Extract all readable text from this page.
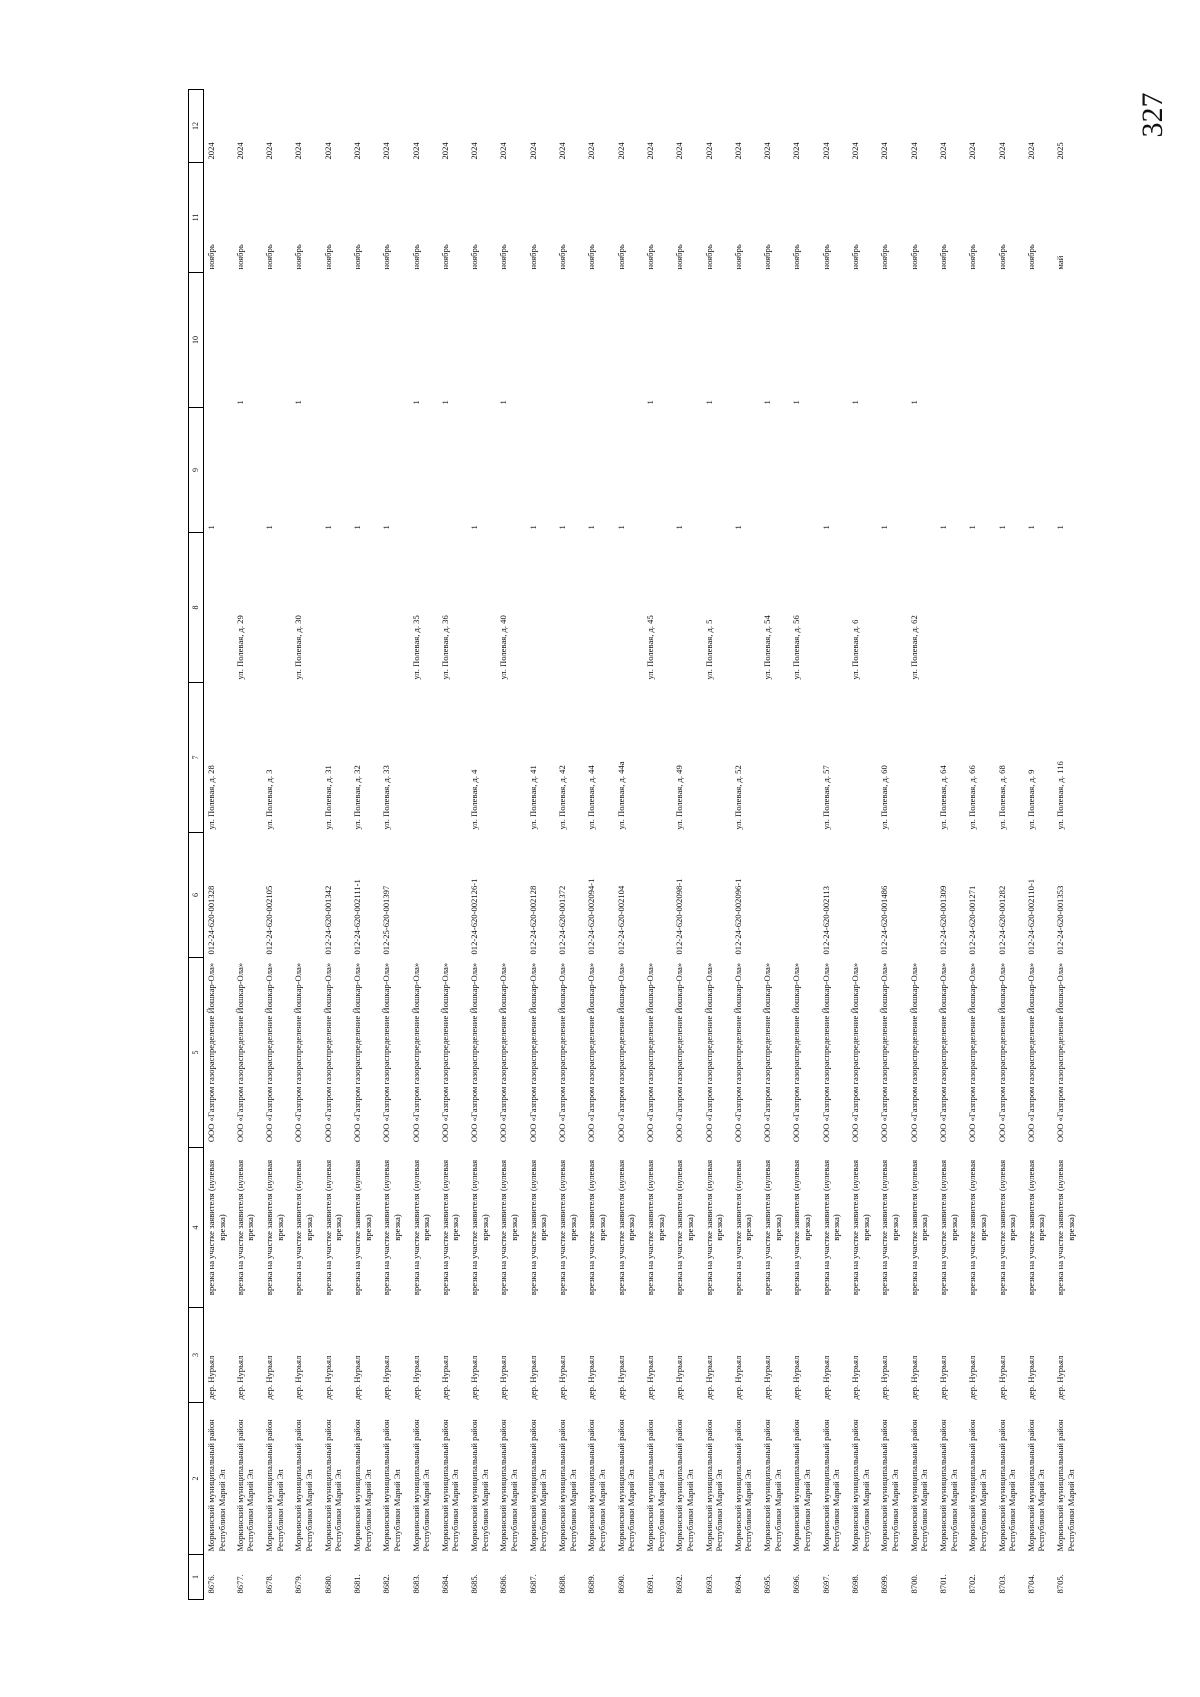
327
1	2	3	4	5	6	7	8	9	10	11	12
8676.	Моркинский муниципальный район Республики Марий Эл	дер. Нурьял	врезка на участке заявителя (нулевая врезка)	ООО «Газпром газораспределение Йошкар-Ола»	012-24-620-001328	ул. Полевая, д. 28		1		ноябрь	2024
8677.	Моркинский муниципальный район Республики Марий Эл	дер. Нурьял	врезка на участке заявителя (нулевая врезка)	ООО «Газпром газораспределение Йошкар-Ола»			ул. Полевая, д. 29		1	ноябрь	2024
8678.	Моркинский муниципальный район Республики Марий Эл	дер. Нурьял	врезка на участке заявителя (нулевая врезка)	ООО «Газпром газораспределение Йошкар-Ола»	012-24-620-002105	ул. Полевая, д. 3		1		ноябрь	2024
8679.	Моркинский муниципальный район Республики Марий Эл	дер. Нурьял	врезка на участке заявителя (нулевая врезка)	ООО «Газпром газораспределение Йошкар-Ола»			ул. Полевая, д. 30		1	ноябрь	2024
8680.	Моркинский муниципальный район Республики Марий Эл	дер. Нурьял	врезка на участке заявителя (нулевая врезка)	ООО «Газпром газораспределение Йошкар-Ола»	012-24-620-001342	ул. Полевая, д. 31		1		ноябрь	2024
8681.	Моркинский муниципальный район Республики Марий Эл	дер. Нурьял	врезка на участке заявителя (нулевая врезка)	ООО «Газпром газораспределение Йошкар-Ола»	012-24-620-002111-1	ул. Полевая, д. 32		1		ноябрь	2024
8682.	Моркинский муниципальный район Республики Марий Эл	дер. Нурьял	врезка на участке заявителя (нулевая врезка)	ООО «Газпром газораспределение Йошкар-Ола»	012-25-620-001397	ул. Полевая, д. 33		1		ноябрь	2024
8683.	Моркинский муниципальный район Республики Марий Эл	дер. Нурьял	врезка на участке заявителя (нулевая врезка)	ООО «Газпром газораспределение Йошкар-Ола»			ул. Полевая, д. 35		1	ноябрь	2024
8684.	Моркинский муниципальный район Республики Марий Эл	дер. Нурьял	врезка на участке заявителя (нулевая врезка)	ООО «Газпром газораспределение Йошкар-Ола»			ул. Полевая, д. 36		1	ноябрь	2024
8685.	Моркинский муниципальный район Республики Марий Эл	дер. Нурьял	врезка на участке заявителя (нулевая врезка)	ООО «Газпром газораспределение Йошкар-Ола»	012-24-620-002126-1	ул. Полевая, д. 4		1		ноябрь	2024
8686.	Моркинский муниципальный район Республики Марий Эл	дер. Нурьял	врезка на участке заявителя (нулевая врезка)	ООО «Газпром газораспределение Йошкар-Ола»			ул. Полевая, д. 40		1	ноябрь	2024
8687.	Моркинский муниципальный район Республики Марий Эл	дер. Нурьял	врезка на участке заявителя (нулевая врезка)	ООО «Газпром газораспределение Йошкар-Ола»	012-24-620-002128	ул. Полевая, д. 41		1		ноябрь	2024
8688.	Моркинский муниципальный район Республики Марий Эл	дер. Нурьял	врезка на участке заявителя (нулевая врезка)	ООО «Газпром газораспределение Йошкар-Ола»	012-24-620-001372	ул. Полевая, д. 42		1		ноябрь	2024
8689.	Моркинский муниципальный район Республики Марий Эл	дер. Нурьял	врезка на участке заявителя (нулевая врезка)	ООО «Газпром газораспределение Йошкар-Ола»	012-24-620-002094-1	ул. Полевая, д. 44		1		ноябрь	2024
8690.	Моркинский муниципальный район Республики Марий Эл	дер. Нурьял	врезка на участке заявителя (нулевая врезка)	ООО «Газпром газораспределение Йошкар-Ола»	012-24-620-002104	ул. Полевая, д. 44а		1		ноябрь	2024
8691.	Моркинский муниципальный район Республики Марий Эл	дер. Нурьял	врезка на участке заявителя (нулевая врезка)	ООО «Газпром газораспределение Йошкар-Ола»			ул. Полевая, д. 45		1	ноябрь	2024
8692.	Моркинский муниципальный район Республики Марий Эл	дер. Нурьял	врезка на участке заявителя (нулевая врезка)	ООО «Газпром газораспределение Йошкар-Ола»	012-24-620-002098-1	ул. Полевая, д. 49		1		ноябрь	2024
8693.	Моркинский муниципальный район Республики Марий Эл	дер. Нурьял	врезка на участке заявителя (нулевая врезка)	ООО «Газпром газораспределение Йошкар-Ола»			ул. Полевая, д. 5		1	ноябрь	2024
8694.	Моркинский муниципальный район Республики Марий Эл	дер. Нурьял	врезка на участке заявителя (нулевая врезка)	ООО «Газпром газораспределение Йошкар-Ола»	012-24-620-002096-1	ул. Полевая, д. 52		1		ноябрь	2024
8695.	Моркинский муниципальный район Республики Марий Эл	дер. Нурьял	врезка на участке заявителя (нулевая врезка)	ООО «Газпром газораспределение Йошкар-Ола»			ул. Полевая, д. 54		1	ноябрь	2024
8696.	Моркинский муниципальный район Республики Марий Эл	дер. Нурьял	врезка на участке заявителя (нулевая врезка)	ООО «Газпром газораспределение Йошкар-Ола»			ул. Полевая, д. 56		1	ноябрь	2024
8697.	Моркинский муниципальный район Республики Марий Эл	дер. Нурьял	врезка на участке заявителя (нулевая врезка)	ООО «Газпром газораспределение Йошкар-Ола»	012-24-620-002113	ул. Полевая, д. 57		1		ноябрь	2024
8698.	Моркинский муниципальный район Республики Марий Эл	дер. Нурьял	врезка на участке заявителя (нулевая врезка)	ООО «Газпром газораспределение Йошкар-Ола»			ул. Полевая, д. 6		1	ноябрь	2024
8699.	Моркинский муниципальный район Республики Марий Эл	дер. Нурьял	врезка на участке заявителя (нулевая врезка)	ООО «Газпром газораспределение Йошкар-Ола»	012-24-620-001486	ул. Полевая, д. 60		1		ноябрь	2024
8700.	Моркинский муниципальный район Республики Марий Эл	дер. Нурьял	врезка на участке заявителя (нулевая врезка)	ООО «Газпром газораспределение Йошкар-Ола»			ул. Полевая, д. 62		1	ноябрь	2024
8701.	Моркинский муниципальный район Республики Марий Эл	дер. Нурьял	врезка на участке заявителя (нулевая врезка)	ООО «Газпром газораспределение Йошкар-Ола»	012-24-620-001309	ул. Полевая, д. 64		1		ноябрь	2024
8702.	Моркинский муниципальный район Республики Марий Эл	дер. Нурьял	врезка на участке заявителя (нулевая врезка)	ООО «Газпром газораспределение Йошкар-Ола»	012-24-620-001271	ул. Полевая, д. 66		1		ноябрь	2024
8703.	Моркинский муниципальный район Республики Марий Эл	дер. Нурьял	врезка на участке заявителя (нулевая врезка)	ООО «Газпром газораспределение Йошкар-Ола»	012-24-620-001282	ул. Полевая, д. 68		1		ноябрь	2024
8704.	Моркинский муниципальный район Республики Марий Эл	дер. Нурьял	врезка на участке заявителя (нулевая врезка)	ООО «Газпром газораспределение Йошкар-Ола»	012-24-620-002110-1	ул. Полевая, д. 9		1		ноябрь	2024
8705.	Моркинский муниципальный район Республики Марий Эл	дер. Нурьял	врезка на участке заявителя (нулевая врезка)	ООО «Газпром газораспределение Йошкар-Ола»	012-24-620-001353	ул. Полевая, д. 116		1		май	2025
